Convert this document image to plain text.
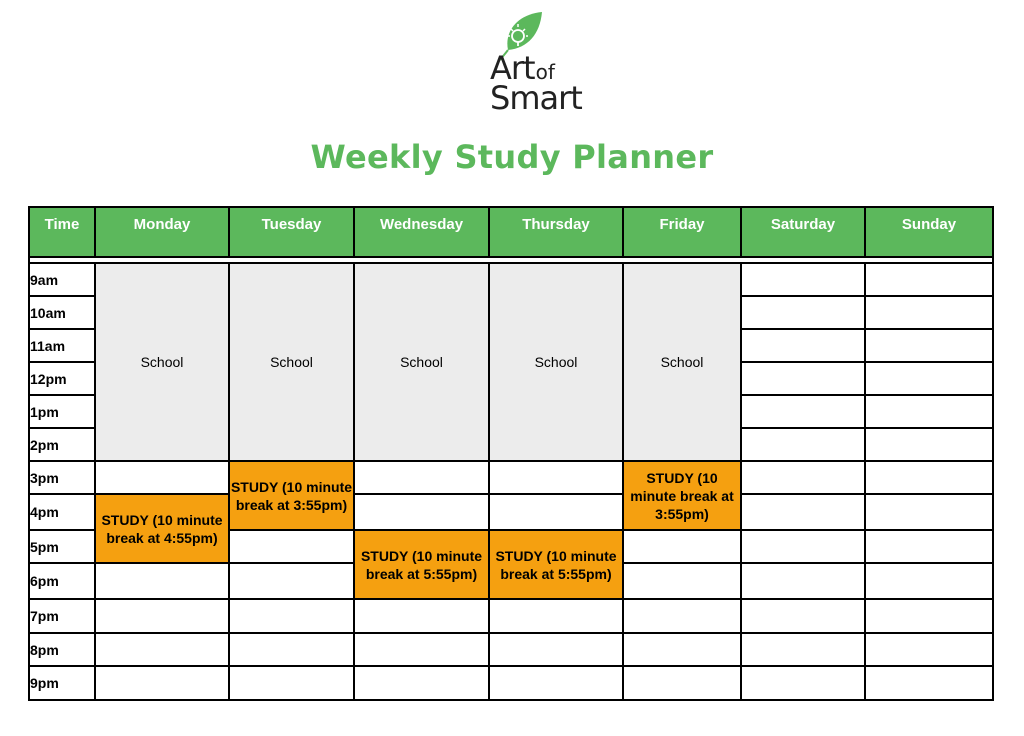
Artof
Smart
Weekly Study Planner
Time	Monday	Tuesday	Wednesday	Thursday	Friday	Saturday	Sunday

9am	School	School	School	School	School		
10am							
11am							
12pm							
1pm							
2pm							
3pm		STUDY (10 minute break at 3:55pm)			STUDY (10 minute break at 3:55pm)		
4pm	STUDY (10 minute break at 4:55pm)						
5pm			STUDY (10 minute break at 5:55pm)	STUDY (10 minute break at 5:55pm)			
6pm							
7pm							
8pm							
9pm							
